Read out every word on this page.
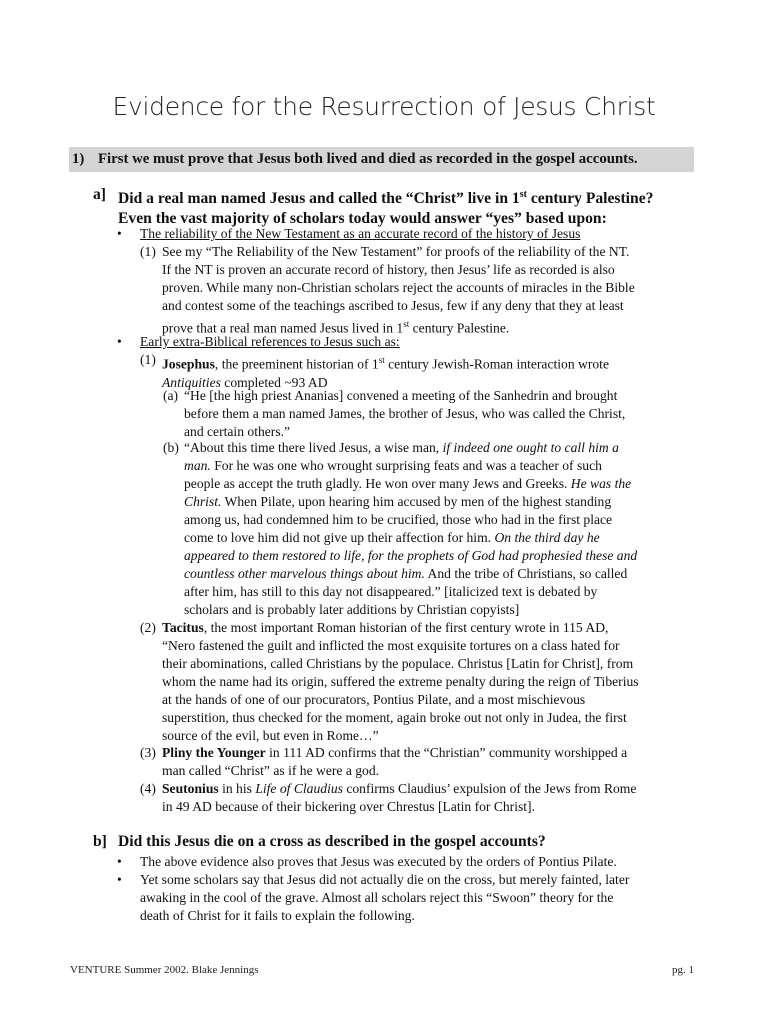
Evidence for the Resurrection of Jesus Christ
1) First we must prove that Jesus both lived and died as recorded in the gospel accounts.
a] Did a real man named Jesus and called the “Christ” live in 1st century Palestine?
Even the vast majority of scholars today would answer “yes” based upon:
• The reliability of the New Testament as an accurate record of the history of Jesus
(1) See my “The Reliability of the New Testament” for proofs of the reliability of the NT.
If the NT is proven an accurate record of history, then Jesus’ life as recorded is also
proven. While many non-Christian scholars reject the accounts of miracles in the Bible
and contest some of the teachings ascribed to Jesus, few if any deny that they at least
prove that a real man named Jesus lived in 1st century Palestine.
• Early extra-Biblical references to Jesus such as:
(1) Josephus, the preeminent historian of 1st century Jewish-Roman interaction wrote
Antiquities completed ~93 AD
(a) “He [the high priest Ananias] convened a meeting of the Sanhedrin and brought
before them a man named James, the brother of Jesus, who was called the Christ,
and certain others.”
(b) “About this time there lived Jesus, a wise man, if indeed one ought to call him a
man. For he was one who wrought surprising feats and was a teacher of such
people as accept the truth gladly. He won over many Jews and Greeks. He was the
Christ. When Pilate, upon hearing him accused by men of the highest standing
among us, had condemned him to be crucified, those who had in the first place
come to love him did not give up their affection for him. On the third day he
appeared to them restored to life, for the prophets of God had prophesied these and
countless other marvelous things about him. And the tribe of Christians, so called
after him, has still to this day not disappeared.” [italicized text is debated by
scholars and is probably later additions by Christian copyists]
(2) Tacitus, the most important Roman historian of the first century wrote in 115 AD,
“Nero fastened the guilt and inflicted the most exquisite tortures on a class hated for
their abominations, called Christians by the populace. Christus [Latin for Christ], from
whom the name had its origin, suffered the extreme penalty during the reign of Tiberius
at the hands of one of our procurators, Pontius Pilate, and a most mischievous
superstition, thus checked for the moment, again broke out not only in Judea, the first
source of the evil, but even in Rome…”
(3) Pliny the Younger in 111 AD confirms that the “Christian” community worshipped a
man called “Christ” as if he were a god.
(4) Seutonius in his Life of Claudius confirms Claudius’ expulsion of the Jews from Rome
in 49 AD because of their bickering over Chrestus [Latin for Christ].
b] Did this Jesus die on a cross as described in the gospel accounts?
• The above evidence also proves that Jesus was executed by the orders of Pontius Pilate.
• Yet some scholars say that Jesus did not actually die on the cross, but merely fainted, later
awaking in the cool of the grave. Almost all scholars reject this “Swoon” theory for the
death of Christ for it fails to explain the following.
VENTURE Summer 2002. Blake Jennings	pg. 1
